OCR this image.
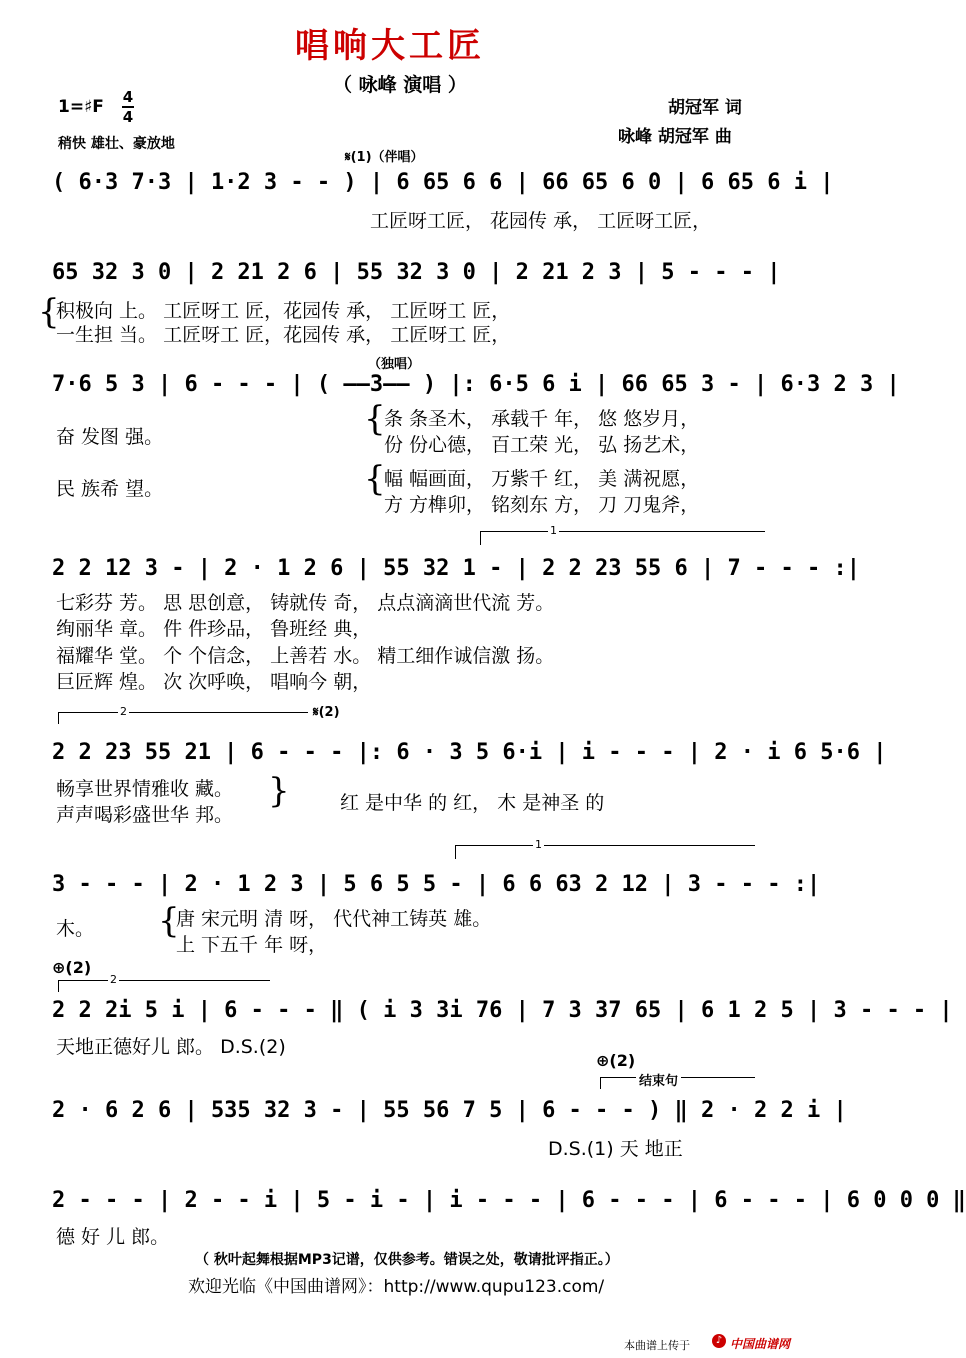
唱响大工匠
（ 咏峰 演唱 ）
1=♯F 4
4
稍快 雄壮、豪放地
胡冠军 词
咏峰 胡冠军 曲
𝄋(1)（伴唱）
( 6·3 7·3 | 1·2 3 - - ) | 6 65 6 6 | 66 65 6 0 | 6 65 6 i |
工匠呀工匠， 花园传 承， 工匠呀工匠，
65 32 3 0 | 2 21 2 6 | 55 32 3 0 | 2 21 2 3 | 5 - - - |
{
积极向 上。 工匠呀工 匠，花园传 承， 工匠呀工 匠，
一生担 当。 工匠呀工 匠，花园传 承， 工匠呀工 匠，
（独唱）
7·6 5 3 | 6 - - - | ( ——3—— ) |: 6·5 6 i | 66 65 3 - | 6·3 2 3 |
奋 发图 强。
民 族希 望。
{
{
条 条圣木， 承载千 年， 悠 悠岁月，
份 份心德， 百工荣 光， 弘 扬艺术，
幅 幅画面， 万紫千 红， 美 满祝愿，
方 方榫卯， 铭刻东 方， 刀 刀鬼斧，
1
2 2 12 3 - | 2 · 1 2 6 | 55 32 1 - | 2 2 23 55 6 | 7 - - - :|
七彩芬 芳。 思 思创意， 铸就传 奇， 点点滴滴世代流 芳。
绚丽华 章。 件 件珍品， 鲁班经 典，
福耀华 堂。 个 个信念， 上善若 水。 精工细作诚信激 扬。
巨匠辉 煌。 次 次呼唤， 唱响今 朝，
2	𝄋(2)
2 2 23 55 21 | 6 - - - |: 6 · 3 5 6·i | i - - - | 2 · i 6 5·6 |
畅享世界情雅收 藏。
声声喝彩盛世华 邦。
}	红 是中华 的 红， 木 是神圣 的
1
3 - - - | 2 · 1 2 3 | 5 6 5 5 - | 6 6 63 2 12 | 3 - - - :|
木。 {
唐 宋元明 清 呀， 代代神工铸英 雄。
上 下五千 年 呀，
⊕(2)
2
2 2 2i 5 i | 6 - - - ‖ ( i 3 3i 76 | 7 3 37 65 | 6 1 2 5 | 3 - - - |
天地正德好儿 郎。 D.S.(2)
⊕(2)
结束句
2 · 6 2 6 | 535 32 3 - | 55 56 7 5 | 6 - - - ) ‖ 2 · 2 2 i |
D.S.(1) 天 地正
2 - - - | 2 - - i | 5 - i - | i - - - | 6 - - - | 6 - - - | 6 0 0 0 ‖
德 好 儿 郎。
（ 秋叶起舞根据MP3记谱，仅供参考。错误之处，敬请批评指正。）
欢迎光临《中国曲谱网》：http://www.qupu123.com/
本曲谱上传于	♪ 中国曲谱网
